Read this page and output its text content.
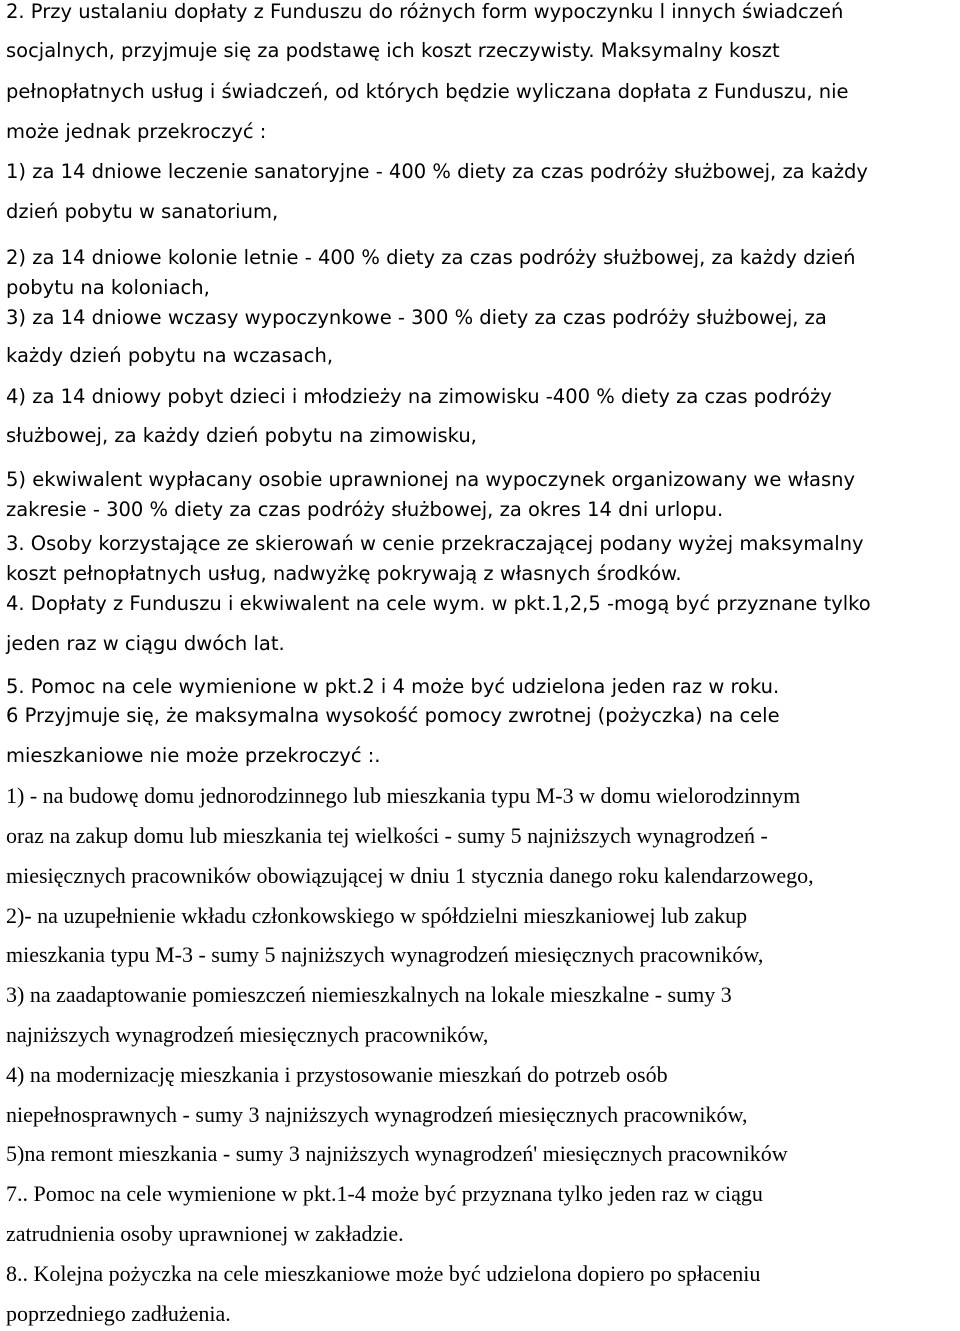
2. Przy ustalaniu dopłaty z Funduszu do różnych form wypoczynku l innych świadczeń

socjalnych, przyjmuje się za podstawę ich koszt rzeczywisty. Maksymalny koszt

pełnopłatnych usług i świadczeń, od których będzie wyliczana dopłata z Funduszu, nie

może jednak przekroczyć :

1) za 14 dniowe leczenie sanatoryjne - 400 % diety za czas podróży służbowej, za każdy

dzień pobytu w sanatorium,

2) za 14 dniowe kolonie letnie - 400 % diety za czas podróży służbowej, za każdy dzień

pobytu na koloniach,

3) za 14 dniowe wczasy wypoczynkowe - 300 % diety za czas podróży służbowej, za

każdy dzień pobytu na wczasach,

4) za 14 dniowy pobyt dzieci i młodzieży na zimowisku -400 % diety za czas podróży

służbowej, za każdy dzień pobytu na zimowisku,

5) ekwiwalent wypłacany osobie uprawnionej na wypoczynek organizowany we własny

zakresie - 300 % diety za czas podróży służbowej, za okres 14 dni urlopu.

3. Osoby korzystające ze skierowań w cenie przekraczającej podany wyżej maksymalny

koszt pełnopłatnych usług, nadwyżkę pokrywają z własnych środków.

4. Dopłaty z Funduszu i ekwiwalent na cele wym. w pkt.1,2,5 -mogą być przyznane tylko

jeden raz w ciągu dwóch lat.

5. Pomoc na cele wymienione w pkt.2 i 4 może być udzielona jeden raz w roku.

6 Przyjmuje się, że maksymalna wysokość pomocy zwrotnej (pożyczka) na cele

mieszkaniowe nie może przekroczyć :.

1) - na budowę domu jednorodzinnego lub mieszkania typu M-3 w domu wielorodzinnym

oraz na zakup domu lub mieszkania tej wielkości - sumy 5 najniższych wynagrodzeń -

miesięcznych pracowników obowiązującej w dniu 1 stycznia danego roku kalendarzowego,

2)- na uzupełnienie wkładu członkowskiego w spółdzielni mieszkaniowej lub zakup

mieszkania typu M-3 - sumy 5 najniższych wynagrodzeń miesięcznych pracowników,

3) na zaadaptowanie pomieszczeń niemieszkalnych na lokale mieszkalne - sumy 3

najniższych wynagrodzeń miesięcznych pracowników,

4) na modernizację mieszkania i przystosowanie mieszkań do potrzeb osób

niepełnosprawnych - sumy 3 najniższych wynagrodzeń miesięcznych pracowników,

5)na remont mieszkania - sumy 3 najniższych wynagrodzeń' miesięcznych pracowników

7.. Pomoc na cele wymienione w pkt.1-4 może być przyznana tylko jeden raz w ciągu

zatrudnienia osoby uprawnionej w zakładzie.

8.. Kolejna pożyczka na cele mieszkaniowe może być udzielona dopiero po spłaceniu

poprzedniego zadłużenia.
